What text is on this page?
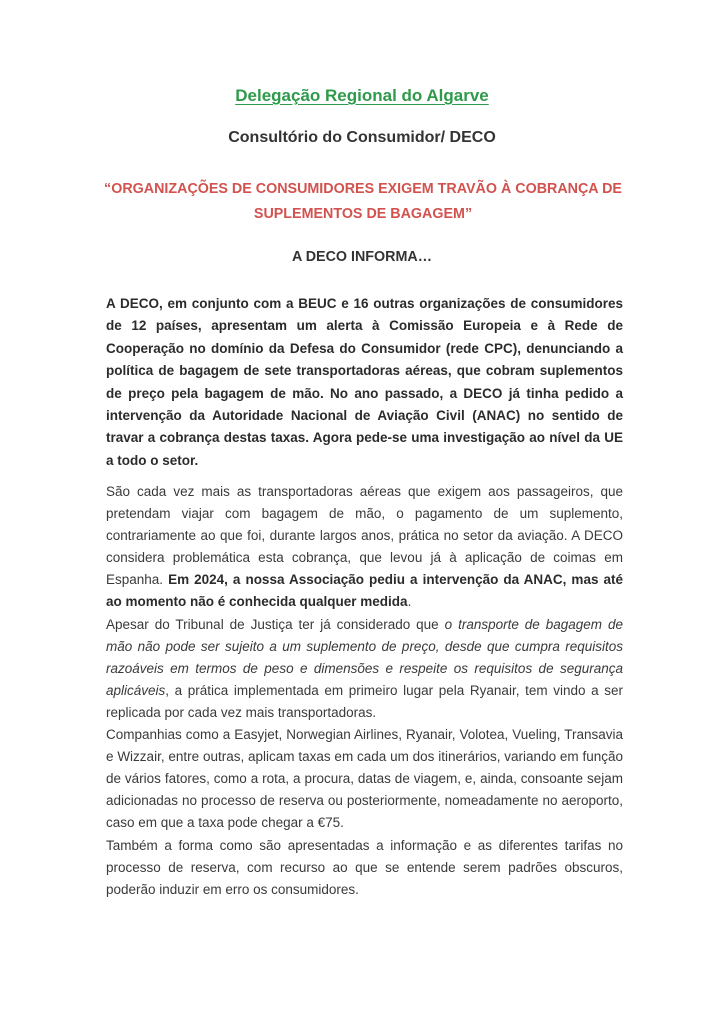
Delegação Regional do Algarve
Consultório do Consumidor/ DECO
“ORGANIZAÇÕES DE CONSUMIDORES EXIGEM TRAVÃO À COBRANÇA DE SUPLEMENTOS DE BAGAGEM”
A DECO INFORMA…
A DECO, em conjunto com a BEUC e 16 outras organizações de consumidores de 12 países, apresentam um alerta à Comissão Europeia e à Rede de Cooperação no domínio da Defesa do Consumidor (rede CPC), denunciando a política de bagagem de sete transportadoras aéreas, que cobram suplementos de preço pela bagagem de mão. No ano passado, a DECO já tinha pedido a intervenção da Autoridade Nacional de Aviação Civil (ANAC) no sentido de travar a cobrança destas taxas. Agora pede-se uma investigação ao nível da UE a todo o setor.

São cada vez mais as transportadoras aéreas que exigem aos passageiros, que pretendam viajar com bagagem de mão, o pagamento de um suplemento, contrariamente ao que foi, durante largos anos, prática no setor da aviação. A DECO considera problemática esta cobrança, que levou já à aplicação de coimas em Espanha. Em 2024, a nossa Associação pediu a intervenção da ANAC, mas até ao momento não é conhecida qualquer medida.

Apesar do Tribunal de Justiça ter já considerado que o transporte de bagagem de mão não pode ser sujeito a um suplemento de preço, desde que cumpra requisitos razoáveis em termos de peso e dimensões e respeite os requisitos de segurança aplicáveis, a prática implementada em primeiro lugar pela Ryanair, tem vindo a ser replicada por cada vez mais transportadoras.

Companhias como a Easyjet, Norwegian Airlines, Ryanair, Volotea, Vueling, Transavia e Wizzair, entre outras, aplicam taxas em cada um dos itinerários, variando em função de vários fatores, como a rota, a procura, datas de viagem, e, ainda, consoante sejam adicionadas no processo de reserva ou posteriormente, nomeadamente no aeroporto, caso em que a taxa pode chegar a €75.

Também a forma como são apresentadas a informação e as diferentes tarifas no processo de reserva, com recurso ao que se entende serem padrões obscuros, poderão induzir em erro os consumidores.
